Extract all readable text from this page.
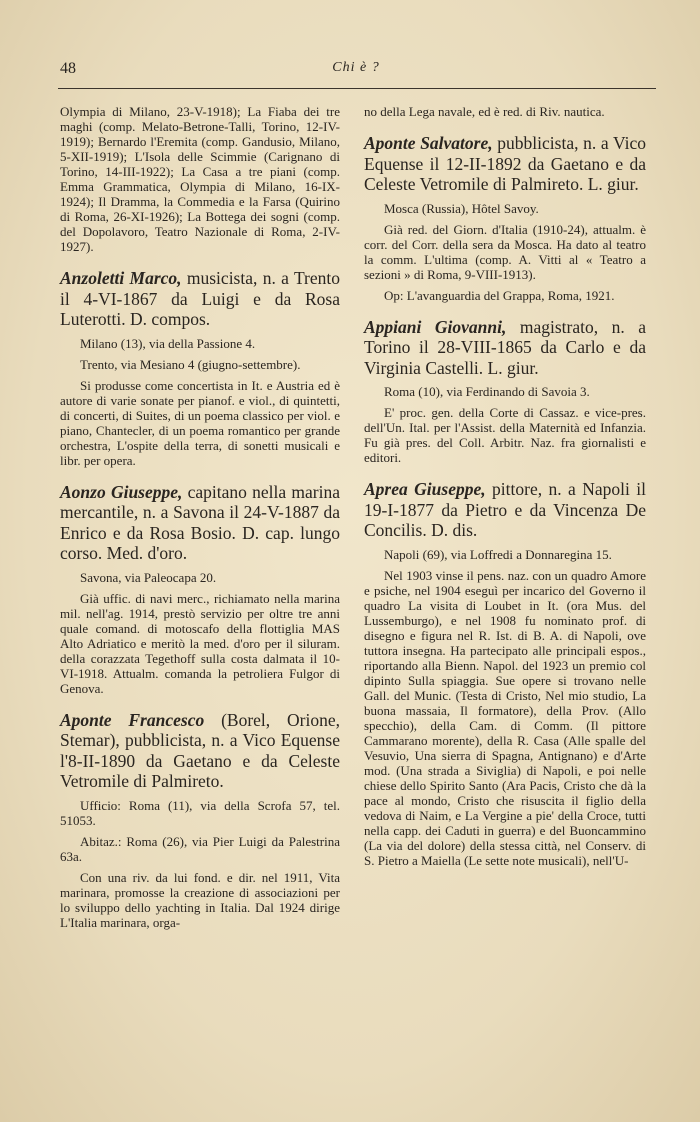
48	Chi è ?
Olympia di Milano, 23-V-1918); La Fiaba dei tre maghi (comp. Melato-Betrone-Talli, Torino, 12-IV-1919); Bernardo l'Eremita (comp. Gandusio, Milano, 5-XII-1919); L'Isola delle Scimmie (Carignano di Torino, 14-III-1922); La Casa a tre piani (comp. Emma Grammatica, Olympia di Milano, 16-IX-1924); Il Dramma, la Commedia e la Farsa (Quirino di Roma, 26-XI-1926); La Bottega dei sogni (comp. del Dopolavoro, Teatro Nazionale di Roma, 2-IV-1927).
Anzoletti Marco, musicista, n. a Trento il 4-VI-1867 da Luigi e da Rosa Luterotti. D. compos.
Milano (13), via della Passione 4.
Trento, via Mesiano 4 (giugno-settembre).
Si produsse come concertista in It. e Austria ed è autore di varie sonate per pianof. e viol., di quintetti, di concerti, di Suites, di un poema classico per viol. e piano, Chantecler, di un poema romantico per grande orchestra, L'ospite della terra, di sonetti musicali e libr. per opera.
Aonzo Giuseppe, capitano nella marina mercantile, n. a Savona il 24-V-1887 da Enrico e da Rosa Bosio. D. cap. lungo corso. Med. d'oro.
Savona, via Paleocapa 20.
Già uffic. di navi merc., richiamato nella marina mil. nell'ag. 1914, prestò servizio per oltre tre anni quale comand. di motoscafo della flottiglia MAS Alto Adriatico e meritò la med. d'oro per il siluram. della corazzata Tegethoff sulla costa dalmata il 10-VI-1918. Attualm. comanda la petroliera Fulgor di Genova.
Aponte Francesco (Borel, Orione, Stemar), pubblicista, n. a Vico Equense l'8-II-1890 da Gaetano e da Celeste Vetromile di Palmireto.
Ufficio: Roma (11), via della Scrofa 57, tel. 51053.
Abitaz.: Roma (26), via Pier Luigi da Palestrina 63a.
Con una riv. da lui fond. e dir. nel 1911, Vita marinara, promosse la creazione di associazioni per lo sviluppo dello yachting in Italia. Dal 1924 dirige L'Italia marinara, orga-
no della Lega navale, ed è red. di Riv. nautica.
Aponte Salvatore, pubblicista, n. a Vico Equense il 12-II-1892 da Gaetano e da Celeste Vetromile di Palmireto. L. giur.
Mosca (Russia), Hôtel Savoy.
Già red. del Giorn. d'Italia (1910-24), attualm. è corr. del Corr. della sera da Mosca. Ha dato al teatro la comm. L'ultima (comp. A. Vitti al « Teatro a sezioni » di Roma, 9-VIII-1913).
Op: L'avanguardia del Grappa, Roma, 1921.
Appiani Giovanni, magistrato, n. a Torino il 28-VIII-1865 da Carlo e da Virginia Castelli. L. giur.
Roma (10), via Ferdinando di Savoia 3.
E' proc. gen. della Corte di Cassaz. e vice-pres. dell'Un. Ital. per l'Assist. della Maternità ed Infanzia. Fu già pres. del Coll. Arbitr. Naz. fra giornalisti e editori.
Aprea Giuseppe, pittore, n. a Napoli il 19-I-1877 da Pietro e da Vincenza De Concilis. D. dis.
Napoli (69), via Loffredi a Donnaregina 15.
Nel 1903 vinse il pens. naz. con un quadro Amore e psiche, nel 1904 eseguì per incarico del Governo il quadro La visita di Loubet in It. (ora Mus. del Lussemburgo), e nel 1908 fu nominato prof. di disegno e figura nel R. Ist. di B. A. di Napoli, ove tuttora insegna. Ha partecipato alle principali espos., riportando alla Bienn. Napol. del 1923 un premio col dipinto Sulla spiaggia. Sue opere si trovano nelle Gall. del Munic. (Testa di Cristo, Nel mio studio, La buona massaia, Il formatore), della Prov. (Allo specchio), della Cam. di Comm. (Il pittore Cammarano morente), della R. Casa (Alle spalle del Vesuvio, Una sierra di Spagna, Antignano) e d'Arte mod. (Una strada a Siviglia) di Napoli, e poi nelle chiese dello Spirito Santo (Ara Pacis, Cristo che dà la pace al mondo, Cristo che risuscita il figlio della vedova di Naim, e La Vergine a pie' della Croce, tutti nella capp. dei Caduti in guerra) e del Buoncammino (La via del dolore) della stessa città, nel Conserv. di S. Pietro a Maiella (Le sette note musicali), nell'U-
